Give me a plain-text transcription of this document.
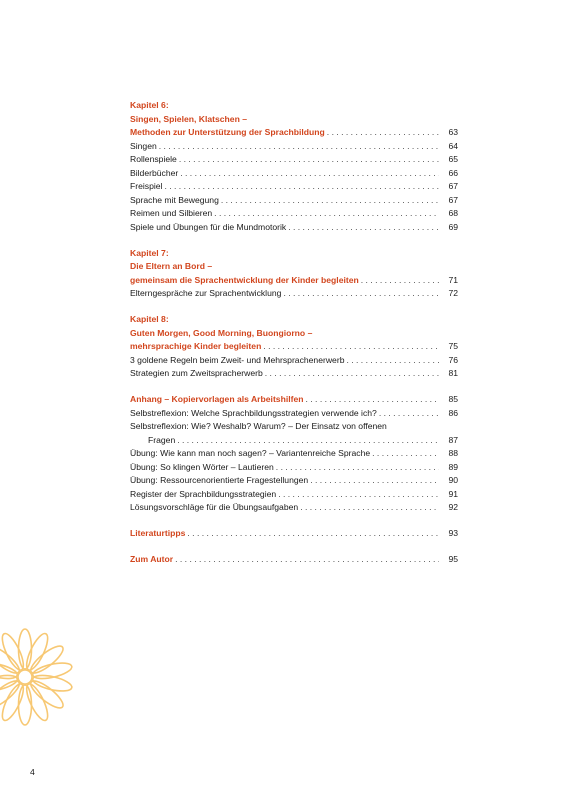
Kapitel 6:
Singen, Spielen, Klatschen –
Methoden zur Unterstützung der Sprachbildung . . .	63
Singen . . .	64
Rollenspiele . . .	65
Bilderbücher . . .	66
Freispiel . . .	67
Sprache mit Bewegung . . .	67
Reimen und Silbieren . . .	68
Spiele und Übungen für die Mundmotorik . . .	69
Kapitel 7:
Die Eltern an Bord –
gemeinsam die Sprachentwicklung der Kinder begleiten . . .	71
Elterngespräche zur Sprachentwicklung . . .	72
Kapitel 8:
Guten Morgen, Good Morning, Buongiorno –
mehrsprachige Kinder begleiten . . .	75
3 goldene Regeln beim Zweit- und Mehrsprachenerwerb . . .	76
Strategien zum Zweitspracherwerb . . .	81
Anhang – Kopiervorlagen als Arbeitshilfen . . .	85
Selbstreflexion: Welche Sprachbildungsstrategien verwende ich? . . .	86
Selbstreflexion: Wie? Weshalb? Warum? – Der Einsatz von offenen
Fragen . . .	87
Übung: Wie kann man noch sagen? – Variantenreiche Sprache . . .	88
Übung: So klingen Wörter – Lautieren . . .	89
Übung: Ressourcenorientierte Fragestellungen . . .	90
Register der Sprachbildungsstrategien . . .	91
Lösungsvorschläge für die Übungsaufgaben . . .	92
Literaturtipps . . .	93
Zum Autor . . .	95
4
